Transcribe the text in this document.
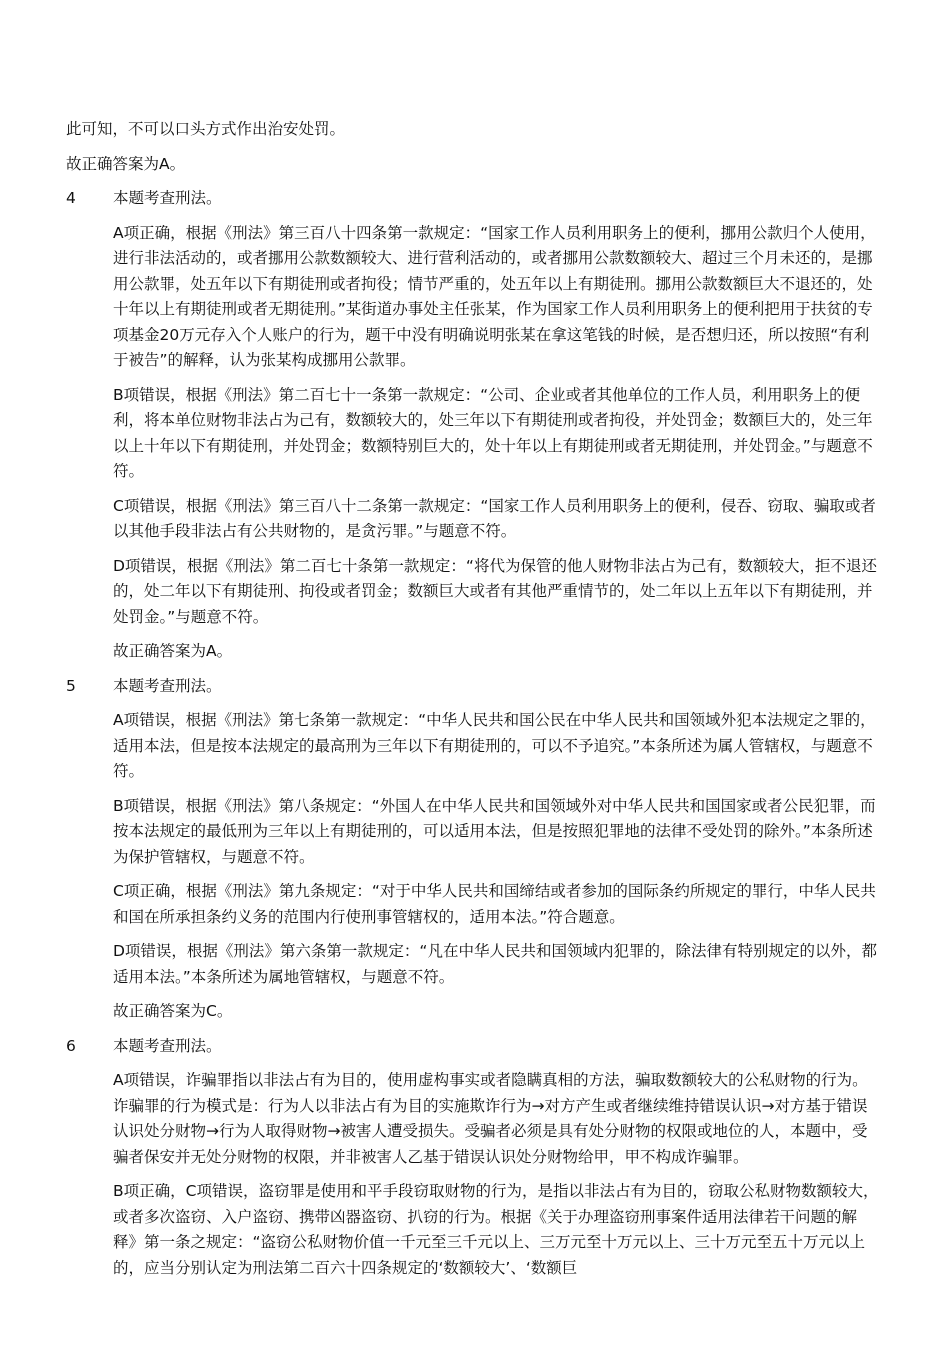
此可知，不可以口头方式作出治安处罚。

故正确答案为A。

4	本题考查刑法。

A项正确，根据《刑法》第三百八十四条第一款规定：“国家工作人员利用职务上的便利，挪用公款归个人使用，进行非法活动的，或者挪用公款数额较大、进行营利活动的，或者挪用公款数额较大、超过三个月未还的，是挪用公款罪，处五年以下有期徒刑或者拘役；情节严重的，处五年以上有期徒刑。挪用公款数额巨大不退还的，处十年以上有期徒刑或者无期徒刑。”某街道办事处主任张某，作为国家工作人员利用职务上的便利把用于扶贫的专项基金20万元存入个人账户的行为，题干中没有明确说明张某在拿这笔钱的时候，是否想归还，所以按照“有利于被告”的解释，认为张某构成挪用公款罪。

B项错误，根据《刑法》第二百七十一条第一款规定：“公司、企业或者其他单位的工作人员，利用职务上的便利，将本单位财物非法占为己有，数额较大的，处三年以下有期徒刑或者拘役，并处罚金；数额巨大的，处三年以上十年以下有期徒刑，并处罚金；数额特别巨大的，处十年以上有期徒刑或者无期徒刑，并处罚金。”与题意不符。

C项错误，根据《刑法》第三百八十二条第一款规定：“国家工作人员利用职务上的便利，侵吞、窃取、骗取或者以其他手段非法占有公共财物的，是贪污罪。”与题意不符。

D项错误，根据《刑法》第二百七十条第一款规定：“将代为保管的他人财物非法占为己有，数额较大，拒不退还的，处二年以下有期徒刑、拘役或者罚金；数额巨大或者有其他严重情节的，处二年以上五年以下有期徒刑，并处罚金。”与题意不符。

故正确答案为A。

5	本题考查刑法。

A项错误，根据《刑法》第七条第一款规定：“中华人民共和国公民在中华人民共和国领域外犯本法规定之罪的，适用本法，但是按本法规定的最高刑为三年以下有期徒刑的，可以不予追究。”本条所述为属人管辖权，与题意不符。

B项错误，根据《刑法》第八条规定：“外国人在中华人民共和国领域外对中华人民共和国国家或者公民犯罪，而按本法规定的最低刑为三年以上有期徒刑的，可以适用本法，但是按照犯罪地的法律不受处罚的除外。”本条所述为保护管辖权，与题意不符。

C项正确，根据《刑法》第九条规定：“对于中华人民共和国缔结或者参加的国际条约所规定的罪行，中华人民共和国在所承担条约义务的范围内行使刑事管辖权的，适用本法。”符合题意。

D项错误，根据《刑法》第六条第一款规定：“凡在中华人民共和国领域内犯罪的，除法律有特别规定的以外，都适用本法。”本条所述为属地管辖权，与题意不符。

故正确答案为C。

6	本题考查刑法。

A项错误，诈骗罪指以非法占有为目的，使用虚构事实或者隐瞒真相的方法，骗取数额较大的公私财物的行为。诈骗罪的行为模式是：行为人以非法占有为目的实施欺诈行为→对方产生或者继续维持错误认识→对方基于错误认识处分财物→行为人取得财物→被害人遭受损失。受骗者必须是具有处分财物的权限或地位的人，本题中，受骗者保安并无处分财物的权限，并非被害人乙基于错误认识处分财物给甲，甲不构成诈骗罪。

B项正确，C项错误，盗窃罪是使用和平手段窃取财物的行为，是指以非法占有为目的，窃取公私财物数额较大，或者多次盗窃、入户盗窃、携带凶器盗窃、扒窃的行为。根据《关于办理盗窃刑事案件适用法律若干问题的解释》第一条之规定：“盗窃公私财物价值一千元至三千元以上、三万元至十万元以上、三十万元至五十万元以上的，应当分别认定为刑法第二百六十四条规定的‘数额较大’、‘数额巨
